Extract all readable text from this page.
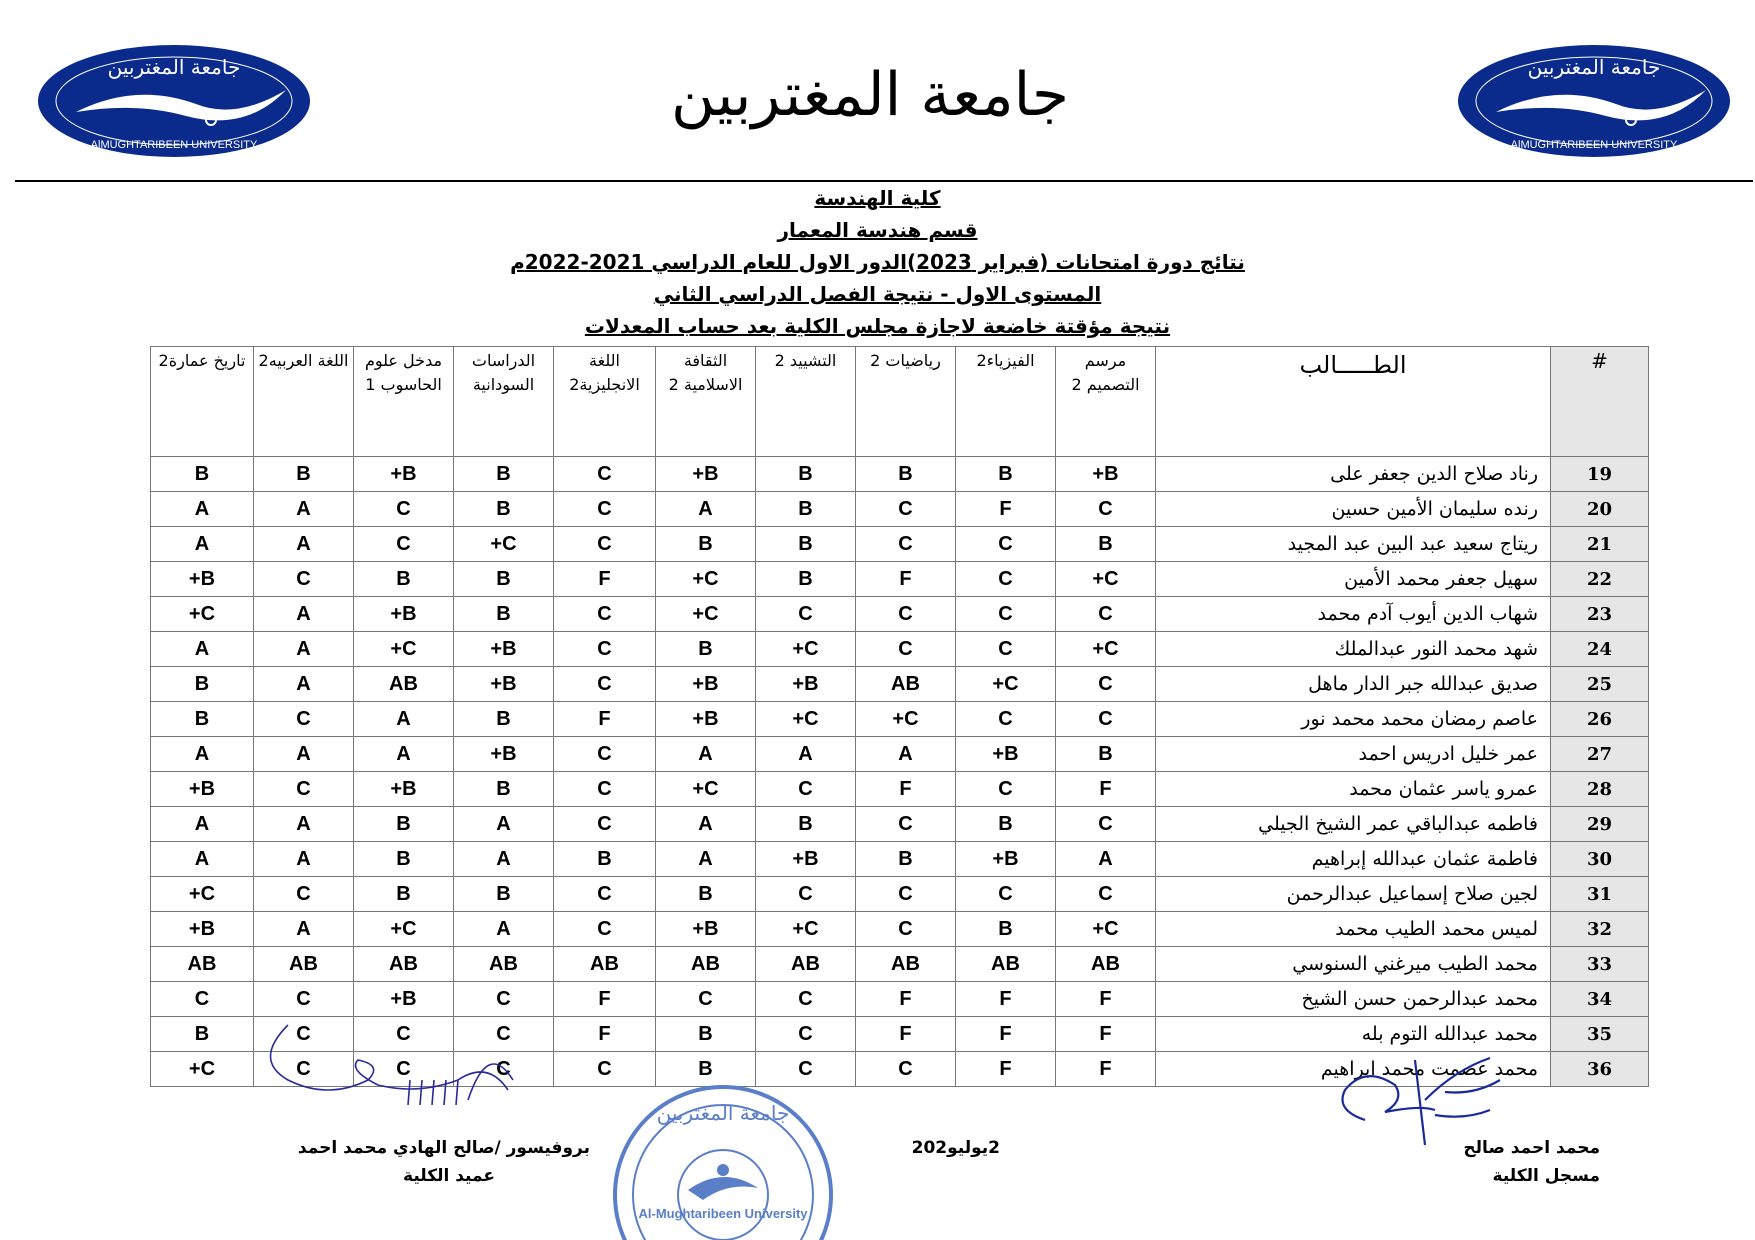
جامعة المغتربين
AlMUGHTARIBEEN UNIVERSITY
جامعة المغتربين
AlMUGHTARIBEEN UNIVERSITY
جامعة المغتربين
كلية الهندسة
قسم هندسة المعمار
نتائج دورة امتحانات (فبراير 2023)الدور الاول للعام الدراسي 2021-2022م
المستوى الاول - نتيجة الفصل الدراسي الثاني
نتيجة مؤقتة خاضعة لاجازة مجلس الكلية بعد حساب المعدلات
#	الطـــــالب	مرسم التصميم 2	الفيزياء2	رياضيات 2	التشييد 2	الثقافة الاسلامية 2	اللغة الانجليزية2	الدراسات السودانية	مدخل علوم الحاسوب 1	اللغة العربيه2	تاريخ عمارة2
19	رناد صلاح الدين جعفر على	B+	B	B	B	B+	C	B	B+	B	B
20	رنده سليمان الأمين حسين	C	F	C	B	A	C	B	C	A	A
21	ريتاج سعيد عبد البين عبد المجيد	B	C	C	B	B	C	C+	C	A	A
22	سهيل جعفر محمد الأمين	C+	C	F	B	C+	F	B	B	C	B+
23	شهاب الدين أيوب آدم محمد	C	C	C	C	C+	C	B	B+	A	C+
24	شهد محمد النور عبدالملك	C+	C	C	C+	B	C	B+	C+	A	A
25	صديق عبدالله جبر الدار ماهل	C	C+	AB	B+	B+	C	B+	AB	A	B
26	عاصم رمضان محمد محمد نور	C	C	C+	C+	B+	F	B	A	C	B
27	عمر خليل ادريس احمد	B	B+	A	A	A	C	B+	A	A	A
28	عمرو ياسر عثمان محمد	F	C	F	C	C+	C	B	B+	C	B+
29	فاطمه عبدالباقي عمر الشيخ الجيلي	C	B	C	B	A	C	A	B	A	A
30	فاطمة عثمان عبدالله إبراهيم	A	B+	B	B+	A	B	A	B	A	A
31	لجين صلاح إسماعيل عبدالرحمن	C	C	C	C	B	C	B	B	C	C+
32	لميس محمد الطيب محمد	C+	B	C	C+	B+	C	A	C+	A	B+
33	محمد الطيب ميرغني السنوسي	AB	AB	AB	AB	AB	AB	AB	AB	AB	AB
34	محمد عبدالرحمن حسن الشيخ	F	F	F	C	C	F	C	B+	C	C
35	محمد عبدالله التوم بله	F	F	F	C	B	F	C	C	C	B
36	محمد عصمت محمد ابراهيم	F	F	C	C	B	C	C	C	C	C+
جامعة المغتربين
Al-Mughtaribeen University
محمد احمد صالح
مسجل الكلية
2يوليو202
بروفيسور /صالح الهادي محمد احمد
عميد الكلية
